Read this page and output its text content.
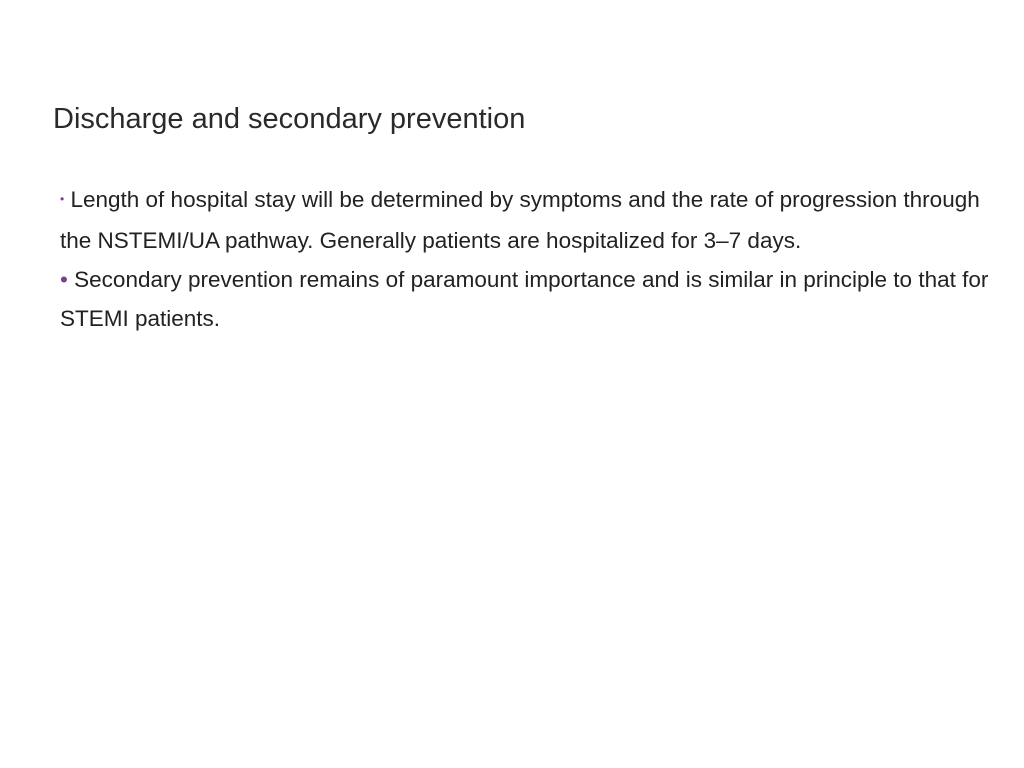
Discharge and secondary prevention

• Length of hospital stay will be determined by symptoms and the rate of progression through the NSTEMI/UA pathway. Generally patients are hospitalized for 3–7 days.

• Secondary prevention remains of paramount importance and is similar in principle to that for STEMI patients.
